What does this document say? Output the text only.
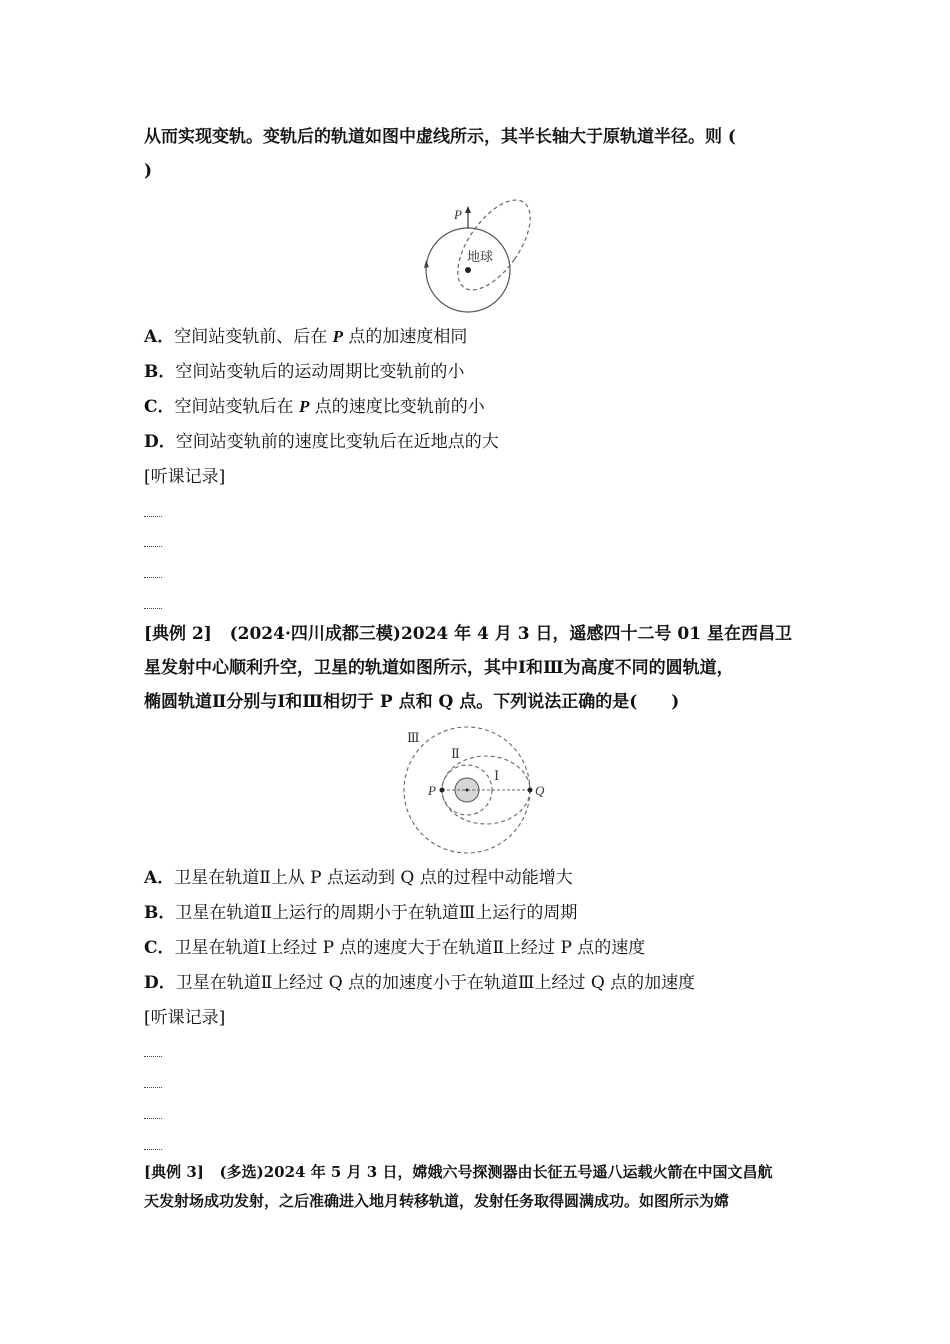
从而实现变轨。变轨后的轨道如图中虚线所示，其半长轴大于原轨道半径。则 (
)
P
地球
A．空间站变轨前、后在 P 点的加速度相同
B．空间站变轨后的运动周期比变轨前的小
C．空间站变轨后在 P 点的速度比变轨前的小
D．空间站变轨前的速度比变轨后在近地点的大
[听课记录]
[典例 2] (2024·四川成都三模)2024 年 4 月 3 日，遥感四十二号 01 星在西昌卫
星发射中心顺利升空，卫星的轨道如图所示，其中Ⅰ和Ⅲ为高度不同的圆轨道，
椭圆轨道Ⅱ分别与Ⅰ和Ⅲ相切于 P 点和 Q 点。下列说法正确的是(　　)
Ⅲ
Ⅱ
Ⅰ
P	Q
A．卫星在轨道Ⅱ上从 P 点运动到 Q 点的过程中动能增大
B．卫星在轨道Ⅱ上运行的周期小于在轨道Ⅲ上运行的周期
C．卫星在轨道Ⅰ上经过 P 点的速度大于在轨道Ⅱ上经过 P 点的速度
D．卫星在轨道Ⅱ上经过 Q 点的加速度小于在轨道Ⅲ上经过 Q 点的加速度
[听课记录]
[典例 3] (多选)2024 年 5 月 3 日，嫦娥六号探测器由长征五号遥八运载火箭在中国文昌航
天发射场成功发射，之后准确进入地月转移轨道，发射任务取得圆满成功。如图所示为嫦
